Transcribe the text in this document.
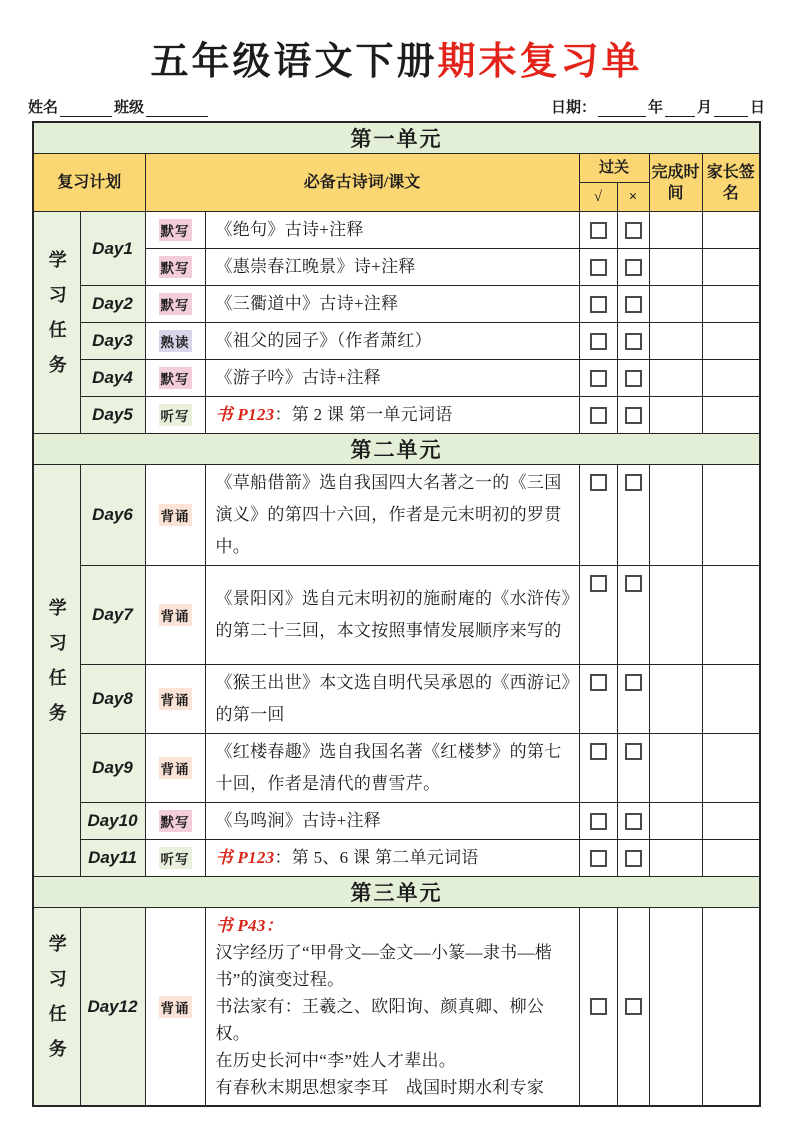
五年级语文下册期末复习单
姓名	班级	日期：	年 月	日
第一单元							
复习计划		必备古诗词/课文		过关		完成时间	家长签名
				√	×		
学习任务	Day1	默写	《绝句》古诗+注释	

		默写	《惠崇春江晚景》诗+注释	

	Day2	默写	《三衢道中》古诗+注释	

	Day3	熟读	《祖父的园子》（作者萧红）	

	Day4	默写	《游子吟》古诗+注释	

	Day5	听写	书 P123：第 2 课 第一单元词语	

第二单元							
学习任务	Day6	背诵	《草船借箭》选自我国四大名著之一的《三国演义》的第四十六回，作者是元末明初的罗贯中。	

	Day7	背诵	《景阳冈》选自元末明初的施耐庵的《水浒传》的第二十三回，本文按照事情发展顺序来写的	

	Day8	背诵	《猴王出世》本文选自明代吴承恩的《西游记》的第一回	

	Day9	背诵	《红楼春趣》选自我国名著《红楼梦》的第七十回，作者是清代的曹雪芹。	

	Day10	默写	《鸟鸣涧》古诗+注释	

	Day11	听写	书 P123：第 5、6 课 第二单元词语	

第三单元							
学习任务	Day12	背诵	书 P43：
汉字经历了“甲骨文—金文—小篆—隶书—楷书”的演变过程。
书法家有：王羲之、欧阳询、颜真卿、柳公权。
在历史长河中“李”姓人才辈出。
有春秋末期思想家李耳　战国时期水利专家				
